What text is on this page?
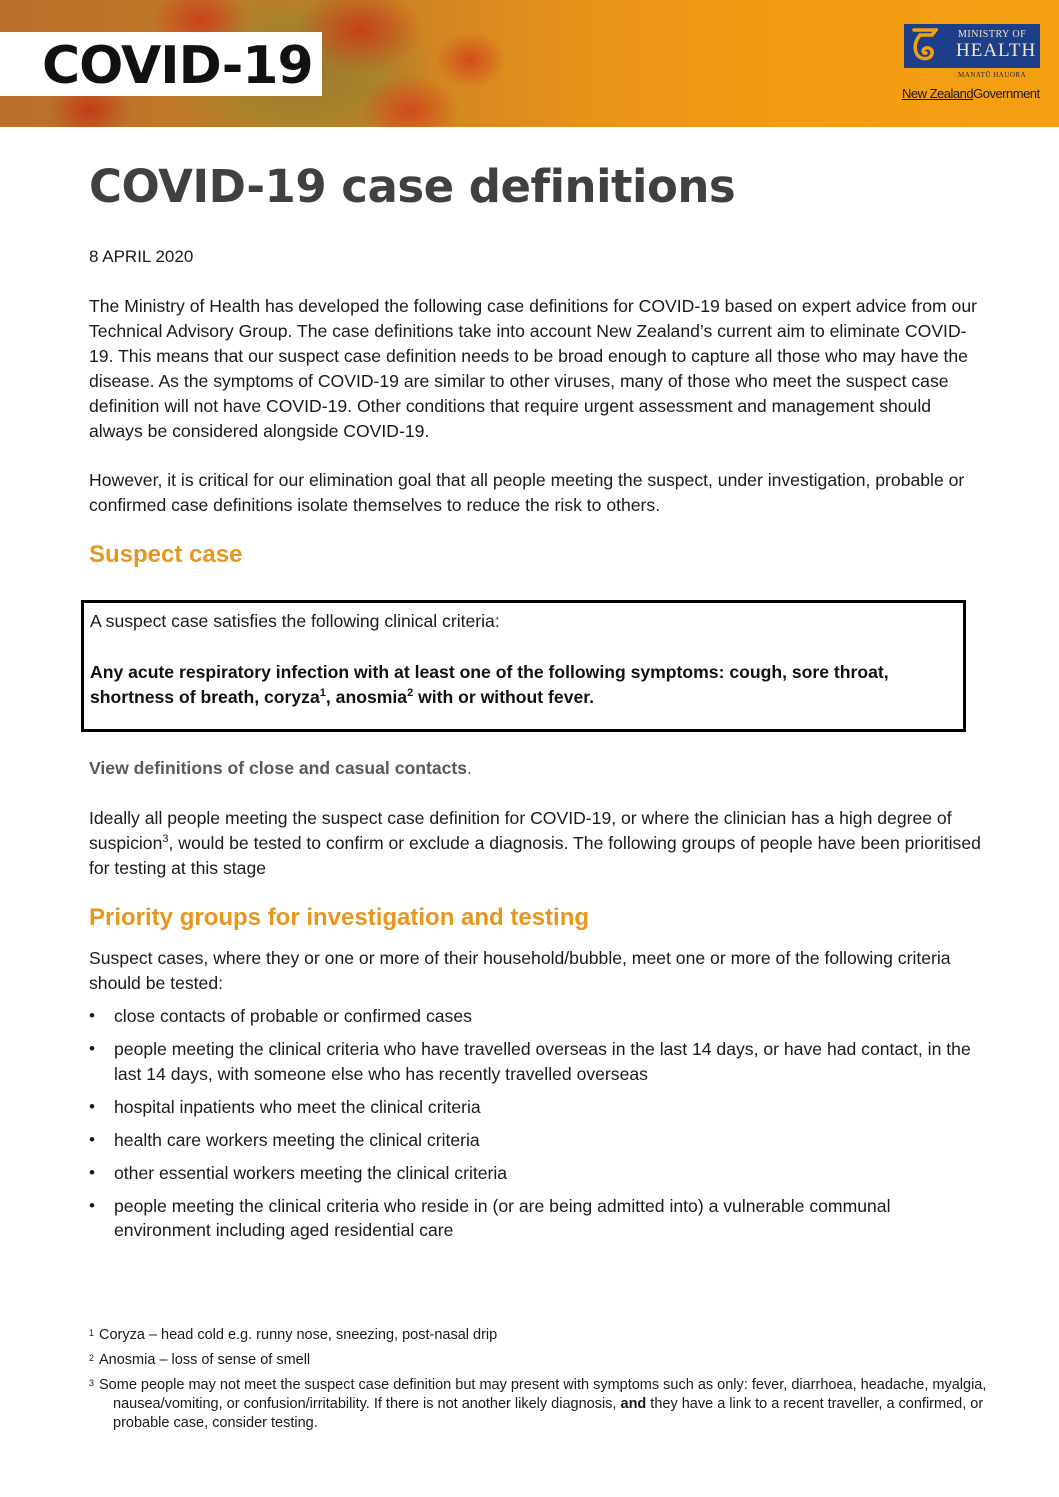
COVID-19
MINISTRY OF
HEALTH
MANATŪ HAUORA
New ZealandGovernment
COVID-19 case definitions
8 APRIL 2020

The Ministry of Health has developed the following case definitions for COVID-19 based on expert advice from our Technical Advisory Group. The case definitions take into account New Zealand’s current aim to eliminate COVID-19. This means that our suspect case definition needs to be broad enough to capture all those who may have the disease. As the symptoms of COVID-19 are similar to other viruses, many of those who meet the suspect case definition will not have COVID-19. Other conditions that require urgent assessment and management should always be considered alongside COVID-19.

However, it is critical for our elimination goal that all people meeting the suspect, under investigation, probable or confirmed case definitions isolate themselves to reduce the risk to others.

Suspect case
A suspect case satisfies the following clinical criteria:
Any acute respiratory infection with at least one of the following symptoms: cough, sore throat, shortness of breath, coryza$^1$, anosmia$^2$ with or without fever.
View definitions of close and casual contacts.

Ideally all people meeting the suspect case definition for COVID-19, or where the clinician has a high degree of suspicion$^3$, would be tested to confirm or exclude a diagnosis. The following groups of people have been prioritised for testing at this stage

Priority groups for investigation and testing

Suspect cases, where they or one or more of their household/bubble, meet one or more of the following criteria should be tested:

• close contacts of probable or confirmed cases
• people meeting the clinical criteria who have travelled overseas in the last 14 days, or have had contact, in the last 14 days, with someone else who has recently travelled overseas
• hospital inpatients who meet the clinical criteria
• health care workers meeting the clinical criteria
• other essential workers meeting the clinical criteria
• people meeting the clinical criteria who reside in (or are being admitted into) a vulnerable communal environment including aged residential care
1 Coryza – head cold e.g. runny nose, sneezing, post-nasal drip
2 Anosmia – loss of sense of smell
3 Some people may not meet the suspect case definition but may present with symptoms such as only: fever, diarrhoea, headache, myalgia, nausea/vomiting, or confusion/irritability. If there is not another likely diagnosis, and they have a link to a recent traveller, a confirmed, or probable case, consider testing.
